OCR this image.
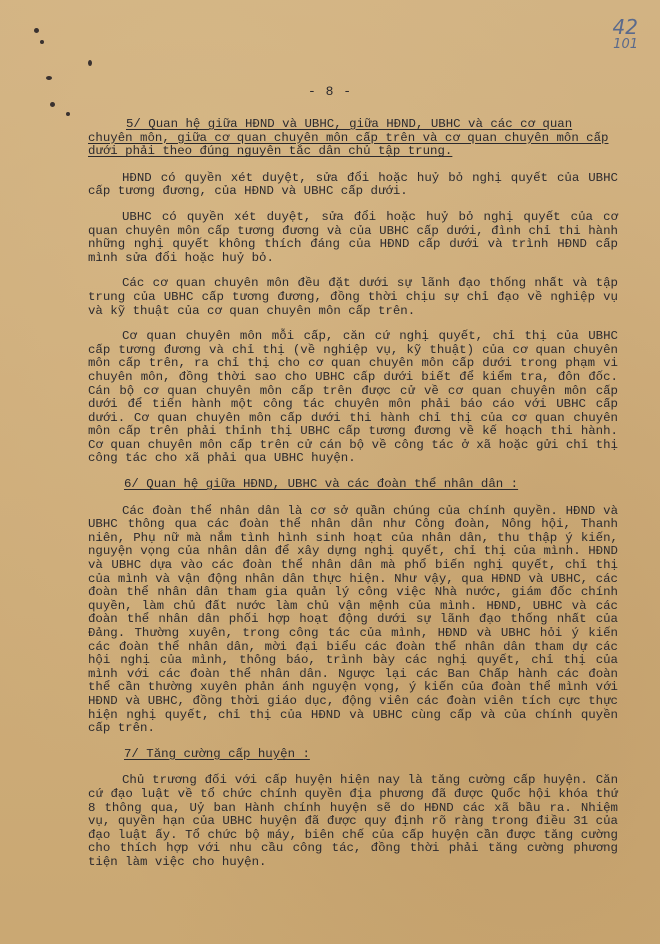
42
101
- 8 -

5/ Quan hệ giữa HĐND và UBHC, giữa HĐND, UBHC và các cơ quan chuyên môn, giữa cơ quan chuyên môn cấp trên và cơ quan chuyên môn cấp dưới phải theo đúng nguyên tắc dân chủ tập trung.

HĐND có quyền xét duyệt, sửa đổi hoặc huỷ bỏ nghị quyết của UBHC cấp tương đương, của HĐND và UBHC cấp dưới.

UBHC có quyền xét duyệt, sửa đổi hoặc huỷ bỏ nghị quyết của cơ quan chuyên môn cấp tương đương và của UBHC cấp dưới, đình chỉ thi hành những nghị quyết không thích đáng của HĐND cấp dưới và trình HĐND cấp mình sửa đổi hoặc huỷ bỏ.

Các cơ quan chuyên môn đều đặt dưới sự lãnh đạo thống nhất và tập trung của UBHC cấp tương đương, đồng thời chịu sự chỉ đạo về nghiệp vụ và kỹ thuật của cơ quan chuyên môn cấp trên.

Cơ quan chuyên môn mỗi cấp, căn cứ nghị quyết, chỉ thị của UBHC cấp tương đương và chỉ thị (về nghiệp vụ, kỹ thuật) của cơ quan chuyên môn cấp trên, ra chỉ thị cho cơ quan chuyên môn cấp dưới trong phạm vi chuyên môn, đồng thời sao cho UBHC cấp dưới biết để kiểm tra, đôn đốc. Cán bộ cơ quan chuyên môn cấp trên được cử về cơ quan chuyên môn cấp dưới để tiến hành một công tác chuyên môn phải báo cáo với UBHC cấp dưới. Cơ quan chuyên môn cấp dưới thi hành chỉ thị của cơ quan chuyên môn cấp trên phải thỉnh thị UBHC cấp tương đương về kế hoạch thi hành. Cơ quan chuyên môn cấp trên cử cán bộ về công tác ở xã hoặc gửi chỉ thị công tác cho xã phải qua UBHC huyện.

6/ Quan hệ giữa HĐND, UBHC và các đoàn thể nhân dân :

Các đoàn thể nhân dân là cơ sở quần chúng của chính quyền. HĐND và UBHC thông qua các đoàn thể nhân dân như Công đoàn, Nông hội, Thanh niên, Phụ nữ mà nắm tình hình sinh hoạt của nhân dân, thu thập ý kiến, nguyện vọng của nhân dân để xây dựng nghị quyết, chỉ thị của mình. HĐND và UBHC dựa vào các đoàn thể nhân dân mà phổ biến nghị quyết, chỉ thị của mình và vận động nhân dân thực hiện. Như vậy, qua HĐND và UBHC, các đoàn thể nhân dân tham gia quản lý công việc Nhà nước, giám đốc chính quyền, làm chủ đất nước làm chủ vận mệnh của mình. HĐND, UBHC và các đoàn thể nhân dân phối hợp hoạt động dưới sự lãnh đạo thống nhất của Đảng. Thường xuyên, trong công tác của mình, HĐND và UBHC hỏi ý kiến các đoàn thể nhân dân, mời đại biểu các đoàn thể nhân dân tham dự các hội nghị của mình, thông báo, trình bày các nghị quyết, chỉ thị của mình với các đoàn thể nhân dân. Ngược lại các Ban Chấp hành các đoàn thể cần thường xuyên phản ánh nguyện vọng, ý kiến của đoàn thể mình với HĐND và UBHC, đồng thời giáo dục, động viên các đoàn viên tích cực thực hiện nghị quyết, chỉ thị của HĐND và UBHC cùng cấp và của chính quyền cấp trên.

7/ Tăng cường cấp huyện :

Chủ trương đối với cấp huyện hiện nay là tăng cường cấp huyện. Căn cứ đạo luật về tổ chức chính quyền địa phương đã được Quốc hội khóa thứ 8 thông qua, Uỷ ban Hành chính huyện sẽ do HĐND các xã bầu ra. Nhiệm vụ, quyền hạn của UBHC huyện đã được quy định rõ ràng trong điều 31 của đạo luật ấy. Tổ chức bộ máy, biên chế của cấp huyện cần được tăng cường cho thích hợp với nhu cầu công tác, đồng thời phải tăng cường phương tiện làm việc cho huyện.
